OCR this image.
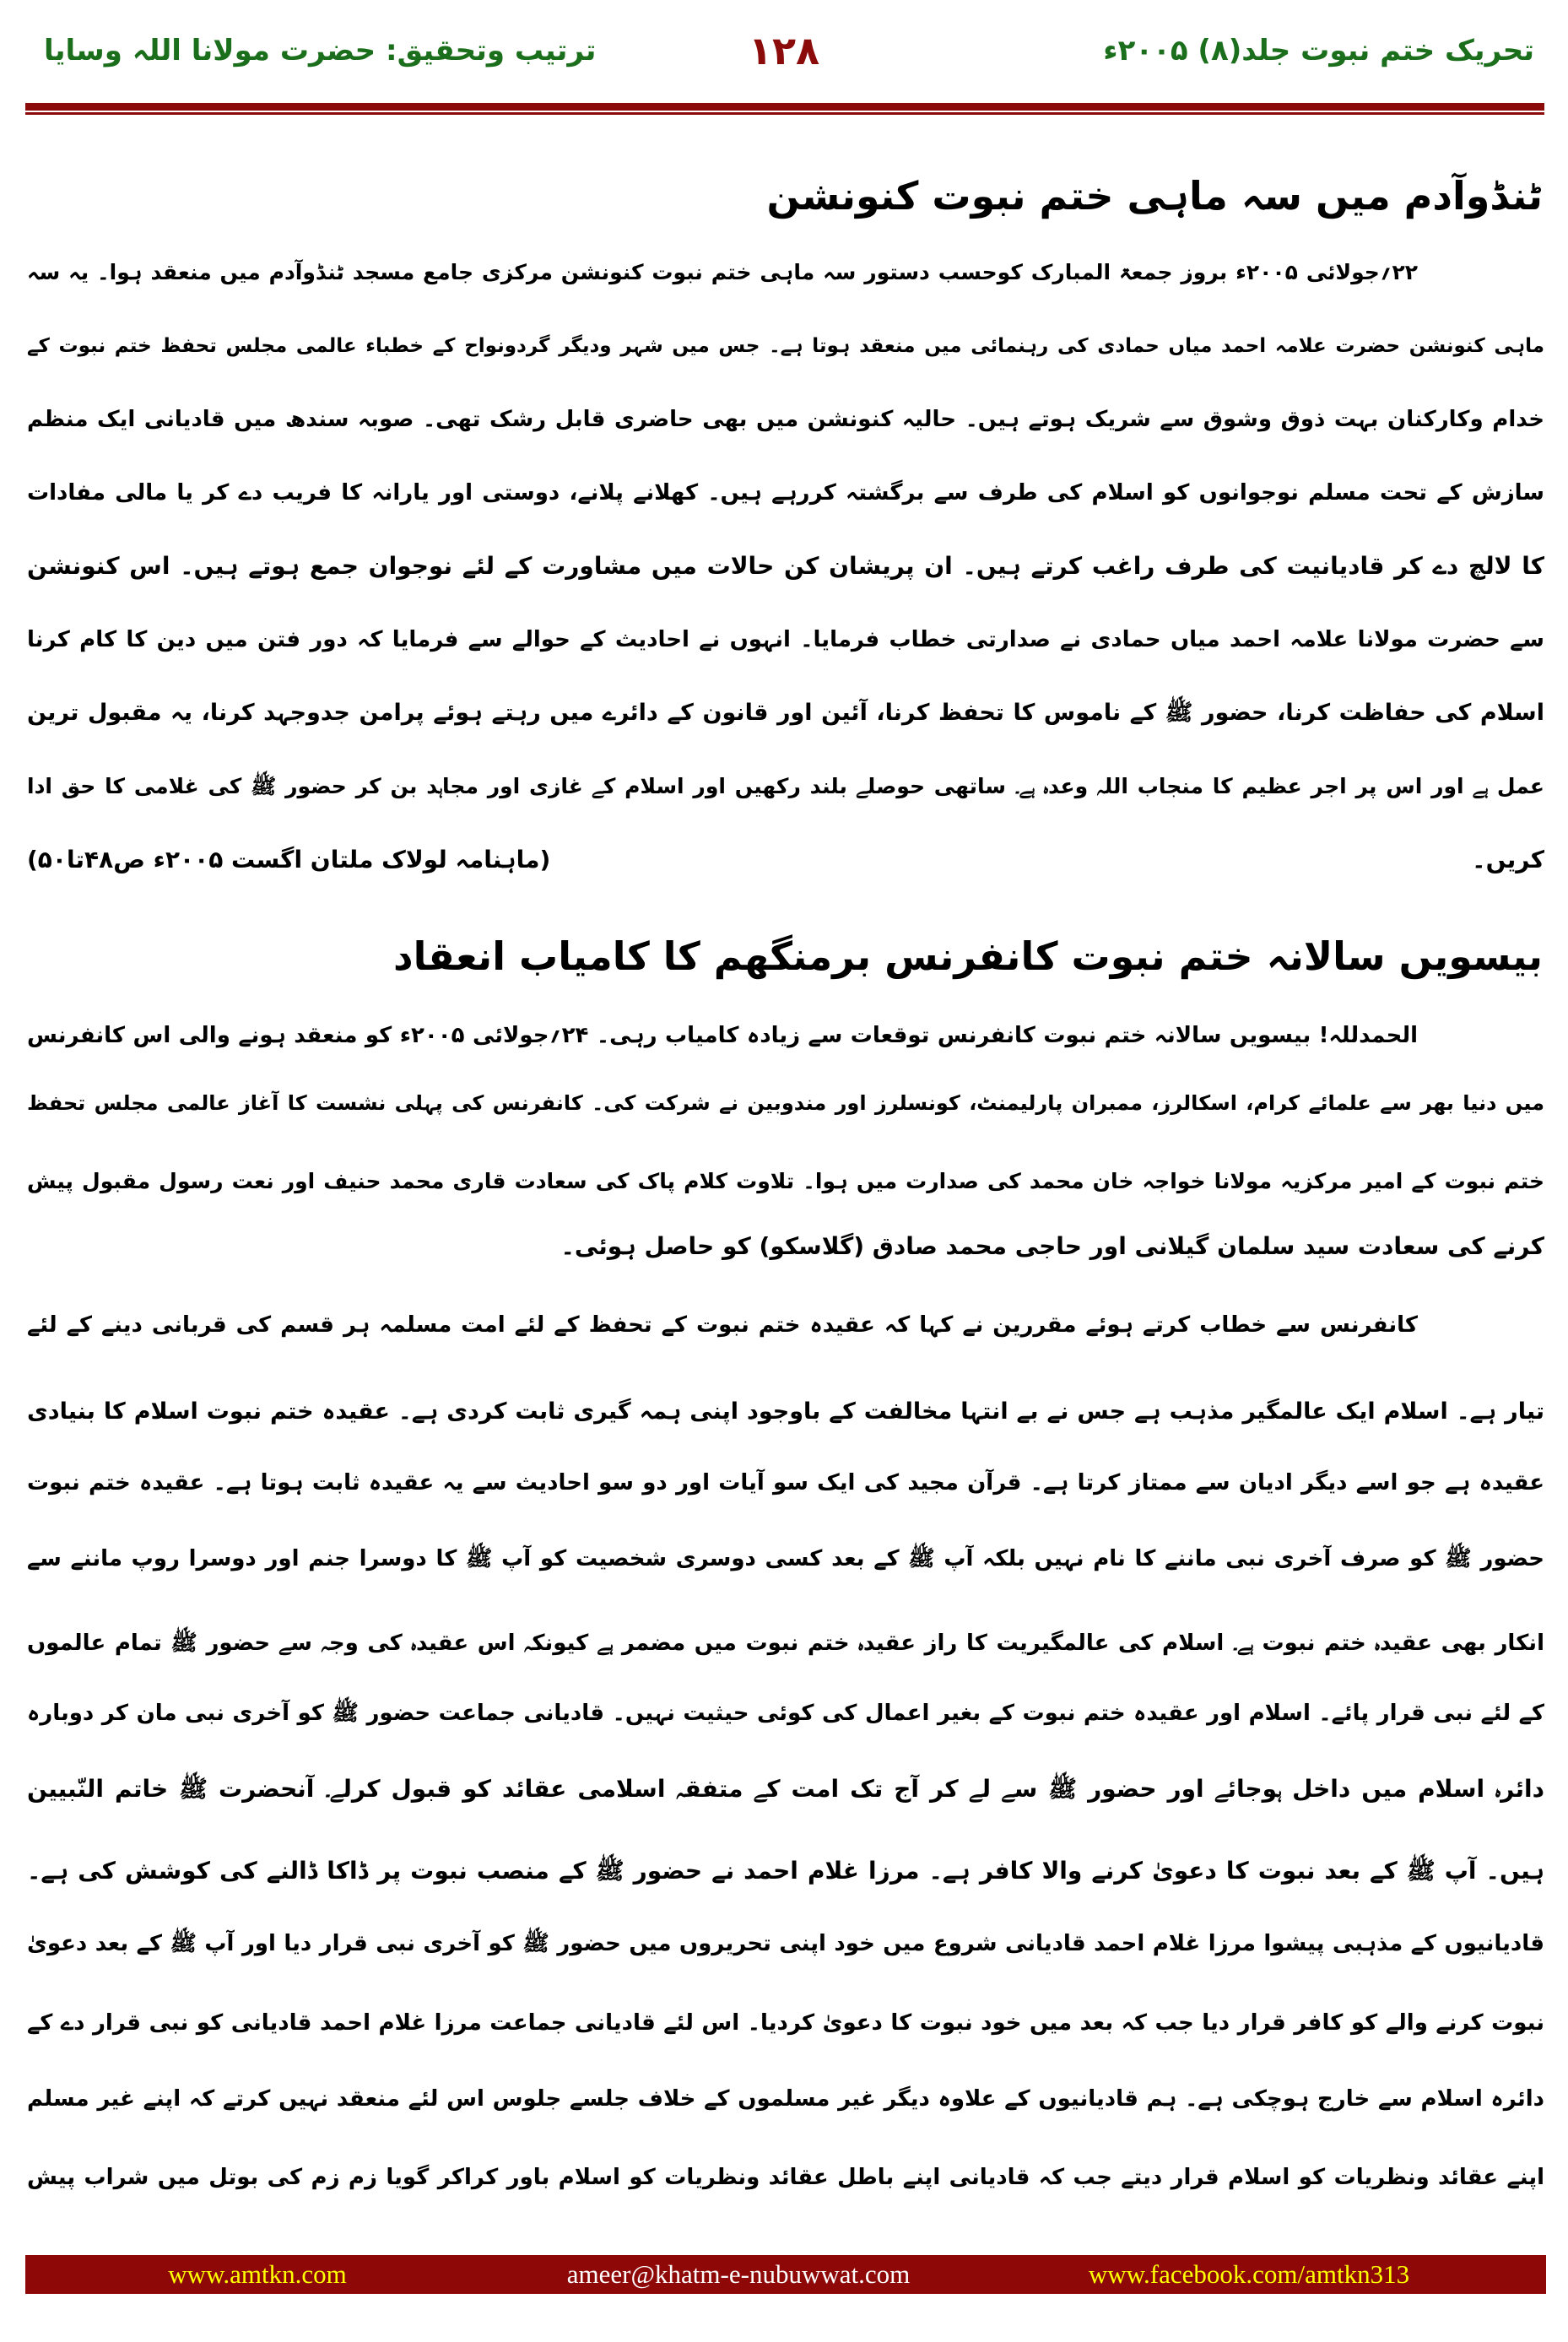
تحریک ختم نبوت جلد(۸) ۲۰۰۵ء
۱۲۸
ترتیب وتحقیق: حضرت مولانا اللہ وسایا
ٹنڈوآدم میں سہ ماہی ختم نبوت کنونشن
۲۲؍جولائی ۲۰۰۵ء بروز جمعۃ المبارک کوحسب دستور سہ ماہی ختم نبوت کنونشن مرکزی جامع مسجد ٹنڈوآدم میں منعقد ہوا۔ یہ سہ
ماہی کنونشن حضرت علامہ احمد میاں حمادی کی رہنمائی میں منعقد ہوتا ہے۔ جس میں شہر ودیگر گردونواح کے خطباء عالمی مجلس تحفظ ختم نبوت کے
خدام وکارکنان بہت ذوق وشوق سے شریک ہوتے ہیں۔ حالیہ کنونشن میں بھی حاضری قابل رشک تھی۔ صوبہ سندھ میں قادیانی ایک منظم
سازش کے تحت مسلم نوجوانوں کو اسلام کی طرف سے برگشتہ کررہے ہیں۔ کھلانے پلانے، دوستی اور یارانہ کا فریب دے کر یا مالی مفادات
کا لالچ دے کر قادیانیت کی طرف راغب کرتے ہیں۔ ان پریشان کن حالات میں مشاورت کے لئے نوجوان جمع ہوتے ہیں۔ اس کنونشن
سے حضرت مولانا علامہ احمد میاں حمادی نے صدارتی خطاب فرمایا۔ انہوں نے احادیث کے حوالے سے فرمایا کہ دور فتن میں دین کا کام کرنا
اسلام کی حفاظت کرنا، حضور ﷺ کے ناموس کا تحفظ کرنا، آئین اور قانون کے دائرے میں رہتے ہوئے پرامن جدوجہد کرنا، یہ مقبول ترین
عمل ہے اور اس پر اجر عظیم کا منجاب اللہ وعدہ ہے۔ ساتھی حوصلے بلند رکھیں اور اسلام کے غازی اور مجاہد بن کر حضور ﷺ کی غلامی کا حق ادا
کریں۔
(ماہنامہ لولاک ملتان اگست ۲۰۰۵ء ص۴۸تا۵۰)
بیسویں سالانہ ختم نبوت کانفرنس برمنگھم کا کامیاب انعقاد
الحمدللہ! بیسویں سالانہ ختم نبوت کانفرنس توقعات سے زیادہ کامیاب رہی۔ ۲۴؍جولائی ۲۰۰۵ء کو منعقد ہونے والی اس کانفرنس
میں دنیا بھر سے علمائے کرام، اسکالرز، ممبران پارلیمنٹ، کونسلرز اور مندوبین نے شرکت کی۔ کانفرنس کی پہلی نشست کا آغاز عالمی مجلس تحفظ
ختم نبوت کے امیر مرکزیہ مولانا خواجہ خان محمد کی صدارت میں ہوا۔ تلاوت کلام پاک کی سعادت قاری محمد حنیف اور نعت رسول مقبول پیش
کرنے کی سعادت سید سلمان گیلانی اور حاجی محمد صادق (گلاسکو) کو حاصل ہوئی۔
کانفرنس سے خطاب کرتے ہوئے مقررین نے کہا کہ عقیدہ ختم نبوت کے تحفظ کے لئے امت مسلمہ ہر قسم کی قربانی دینے کے لئے
تیار ہے۔ اسلام ایک عالمگیر مذہب ہے جس نے بے انتہا مخالفت کے باوجود اپنی ہمہ گیری ثابت کردی ہے۔ عقیدہ ختم نبوت اسلام کا بنیادی
عقیدہ ہے جو اسے دیگر ادیان سے ممتاز کرتا ہے۔ قرآن مجید کی ایک سو آیات اور دو سو احادیث سے یہ عقیدہ ثابت ہوتا ہے۔ عقیدہ ختم نبوت
حضور ﷺ کو صرف آخری نبی ماننے کا نام نہیں بلکہ آپ ﷺ کے بعد کسی دوسری شخصیت کو آپ ﷺ کا دوسرا جنم اور دوسرا روپ ماننے سے
انکار بھی عقیدہ ختم نبوت ہے۔ اسلام کی عالمگیریت کا راز عقیدہ ختم نبوت میں مضمر ہے کیونکہ اس عقیدہ کی وجہ سے حضور ﷺ تمام عالموں
کے لئے نبی قرار پائے۔ اسلام اور عقیدہ ختم نبوت کے بغیر اعمال کی کوئی حیثیت نہیں۔ قادیانی جماعت حضور ﷺ کو آخری نبی مان کر دوبارہ
دائرہ اسلام میں داخل ہوجائے اور حضور ﷺ سے لے کر آج تک امت کے متفقہ اسلامی عقائد کو قبول کرلے۔ آنحضرت ﷺ خاتم النّبیین
ہیں۔ آپ ﷺ کے بعد نبوت کا دعویٰ کرنے والا کافر ہے۔ مرزا غلام احمد نے حضور ﷺ کے منصب نبوت پر ڈاکا ڈالنے کی کوشش کی ہے۔
قادیانیوں کے مذہبی پیشوا مرزا غلام احمد قادیانی شروع میں خود اپنی تحریروں میں حضور ﷺ کو آخری نبی قرار دیا اور آپ ﷺ کے بعد دعویٰ
نبوت کرنے والے کو کافر قرار دیا جب کہ بعد میں خود نبوت کا دعویٰ کردیا۔ اس لئے قادیانی جماعت مرزا غلام احمد قادیانی کو نبی قرار دے کے
دائرہ اسلام سے خارج ہوچکی ہے۔ ہم قادیانیوں کے علاوہ دیگر غیر مسلموں کے خلاف جلسے جلوس اس لئے منعقد نہیں کرتے کہ اپنے غیر مسلم
اپنے عقائد ونظریات کو اسلام قرار دیتے جب کہ قادیانی اپنے باطل عقائد ونظریات کو اسلام باور کراکر گویا زم زم کی بوتل میں شراب پیش
www.amtkn.com	ameer@khatm-e-nubuwwat.com	www.facebook.com/amtkn313
